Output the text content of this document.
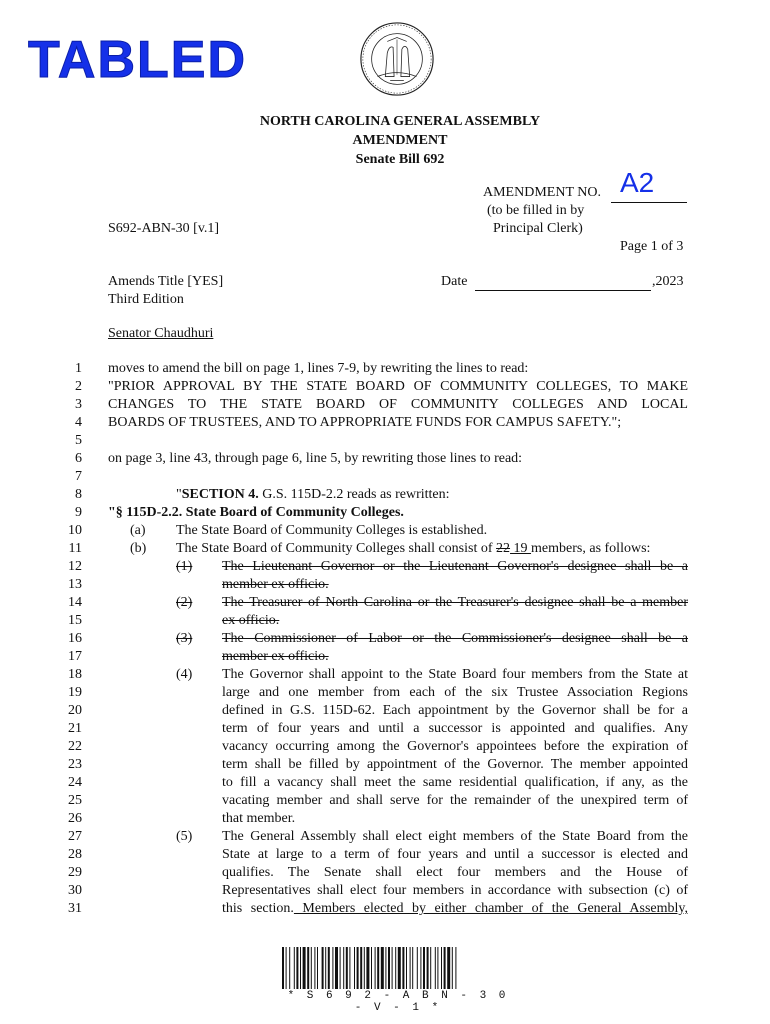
TABLED
NORTH CAROLINA GENERAL ASSEMBLY
AMENDMENT
Senate Bill 692
AMENDMENT NO. A2
(to be filled in by
Principal Clerk)
S692-ABN-30 [v.1]
Page 1 of 3
Amends Title [YES]
Third Edition
Date	,2023
Senator Chaudhuri
1 moves to amend the bill on page 1, lines 7-9, by rewriting the lines to read:
2 "PRIOR APPROVAL BY THE STATE BOARD OF COMMUNITY COLLEGES, TO MAKE
3 CHANGES TO THE STATE BOARD OF COMMUNITY COLLEGES AND LOCAL
4 BOARDS OF TRUSTEES, AND TO APPROPRIATE FUNDS FOR CAMPUS SAFETY.";
5
6 on page 3, line 43, through page 6, line 5, by rewriting those lines to read:
7
8	"SECTION 4. G.S. 115D-2.2 reads as rewritten:
9 "§ 115D-2.2. State Board of Community Colleges.
10	(a) The State Board of Community Colleges is established.
11	(b) The State Board of Community Colleges shall consist of 22 19 members, as follows:
12	(1) The Lieutenant Governor or the Lieutenant Governor's designee shall be a
13	member ex officio.
14	(2) The Treasurer of North Carolina or the Treasurer's designee shall be a member
15	ex officio.
16	(3) The Commissioner of Labor or the Commissioner's designee shall be a
17	member ex officio.
18	(4) The Governor shall appoint to the State Board four members from the State at
19	large and one member from each of the six Trustee Association Regions
20	defined in G.S. 115D-62. Each appointment by the Governor shall be for a
21	term of four years and until a successor is appointed and qualifies. Any
22	vacancy occurring among the Governor's appointees before the expiration of
23	term shall be filled by appointment of the Governor. The member appointed
24	to fill a vacancy shall meet the same residential qualification, if any, as the
25	vacating member and shall serve for the remainder of the unexpired term of
26	that member.
27	(5) The General Assembly shall elect eight members of the State Board from the
28	State at large to a term of four years and until a successor is elected and
29	qualifies. The Senate shall elect four members and the House of
30	Representatives shall elect four members in accordance with subsection (c) of
31	this section. Members elected by either chamber of the General Assembly,
* S 6 9 2 - A B N - 3 0 - V - 1 *
